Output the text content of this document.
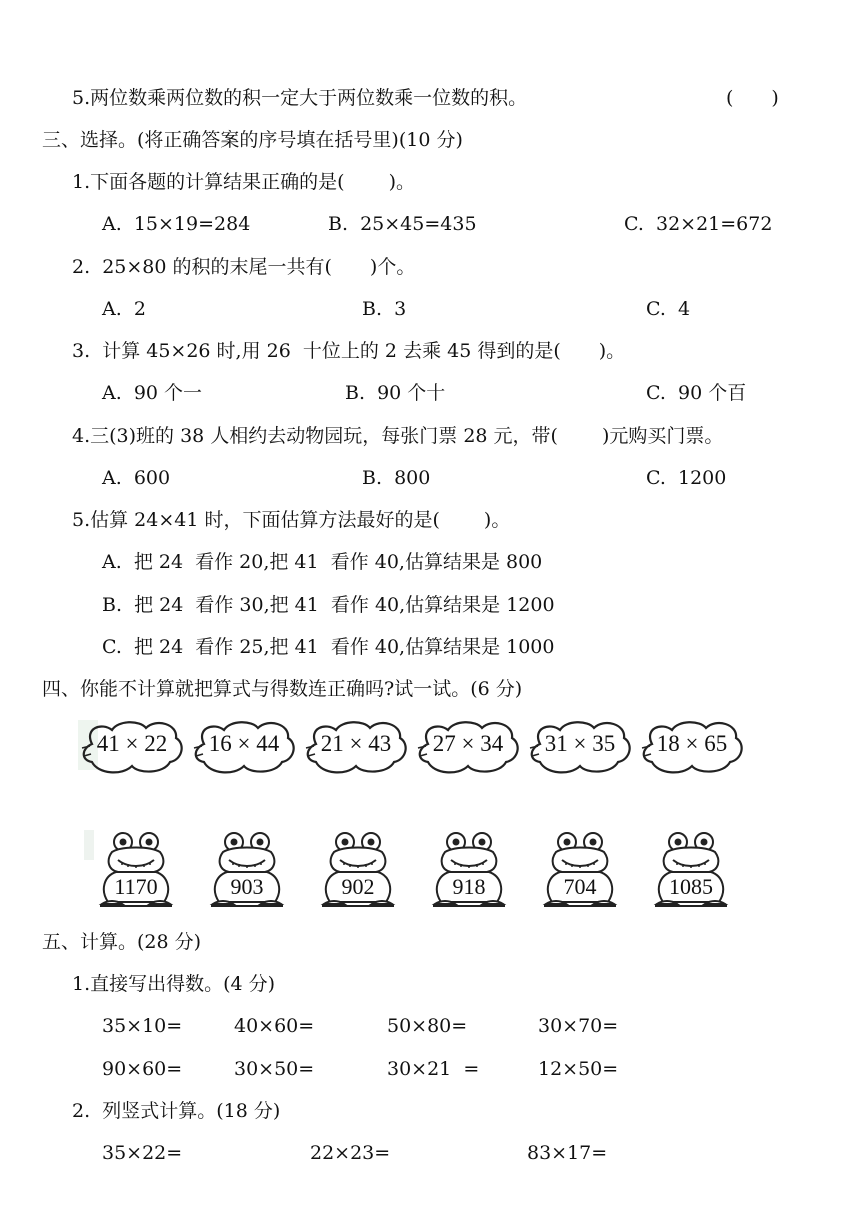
5.两位数乘两位数的积一定大于两位数乘一位数的积。	(　　)
三、选择。(将正确答案的序号填在括号里)(10 分)
1.下面各题的计算结果正确的是(　　 )。
A.  15×19=284	B.  25×45=435	C.  32×21=672
2.  25×80 的积的末尾一共有(　　)个。
A.  2	B.  3	C.  4
3.  计算 45×26 时,用 26  十位上的 2 去乘 45 得到的是(　　)。
A.  90 个一	B.  90 个十	C.  90 个百
4.三(3)班的 38 人相约去动物园玩，每张门票 28 元，带(　　 )元购买门票。
A.  600	B.  800	C.  1200
5.估算 24×41 时，下面估算方法最好的是(　　 )。
A.  把 24  看作 20,把 41  看作 40,估算结果是 800
B.  把 24  看作 30,把 41  看作 40,估算结果是 1200
C.  把 24  看作 25,把 41  看作 40,估算结果是 1000
四、你能不计算就把算式与得数连正确吗?试一试。(6 分)
41 × 22	16 × 44	21 × 43	27 × 34	31 × 35	18 × 65
1170	903	902	918	704	1085
五、计算。(28 分)
1.直接写出得数。(4 分)
35×10=	40×60=	50×80=	30×70=
90×60=	30×50=	30×21  =	12×50=
2.  列竖式计算。(18 分)
35×22=	22×23=	83×17=
